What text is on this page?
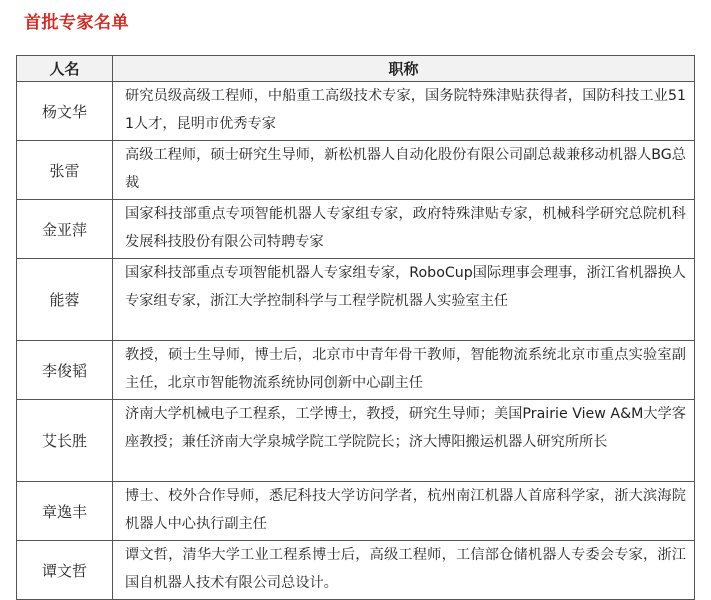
首批专家名单
人名	职称
杨文华	研究员级高级工程师，中船重工高级技术专家，国务院特殊津贴获得者，国防科技工业511人才，昆明市优秀专家
张雷	高级工程师，硕士研究生导师，新松机器人自动化股份有限公司副总裁兼移动机器人BG总裁
金亚萍	国家科技部重点专项智能机器人专家组专家，政府特殊津贴专家，机械科学研究总院机科发展科技股份有限公司特聘专家
能蓉	国家科技部重点专项智能机器人专家组专家，RoboCup国际理事会理事，浙江省机器换人专家组专家，浙江大学控制科学与工程学院机器人实验室主任
李俊韬	教授，硕士生导师，博士后，北京市中青年骨干教师，智能物流系统北京市重点实验室副主任，北京市智能物流系统协同创新中心副主任
艾长胜	济南大学机械电子工程系，工学博士，教授，研究生导师；美国Prairie View A&M大学客座教授；兼任济南大学泉城学院工学院院长；济大博阳搬运机器人研究所所长
章逸丰	博士、校外合作导师，悉尼科技大学访问学者，杭州南江机器人首席科学家，浙大滨海院机器人中心执行副主任
谭文哲	谭文哲，清华大学工业工程系博士后，高级工程师，工信部仓储机器人专委会专家，浙江国自机器人技术有限公司总设计。
